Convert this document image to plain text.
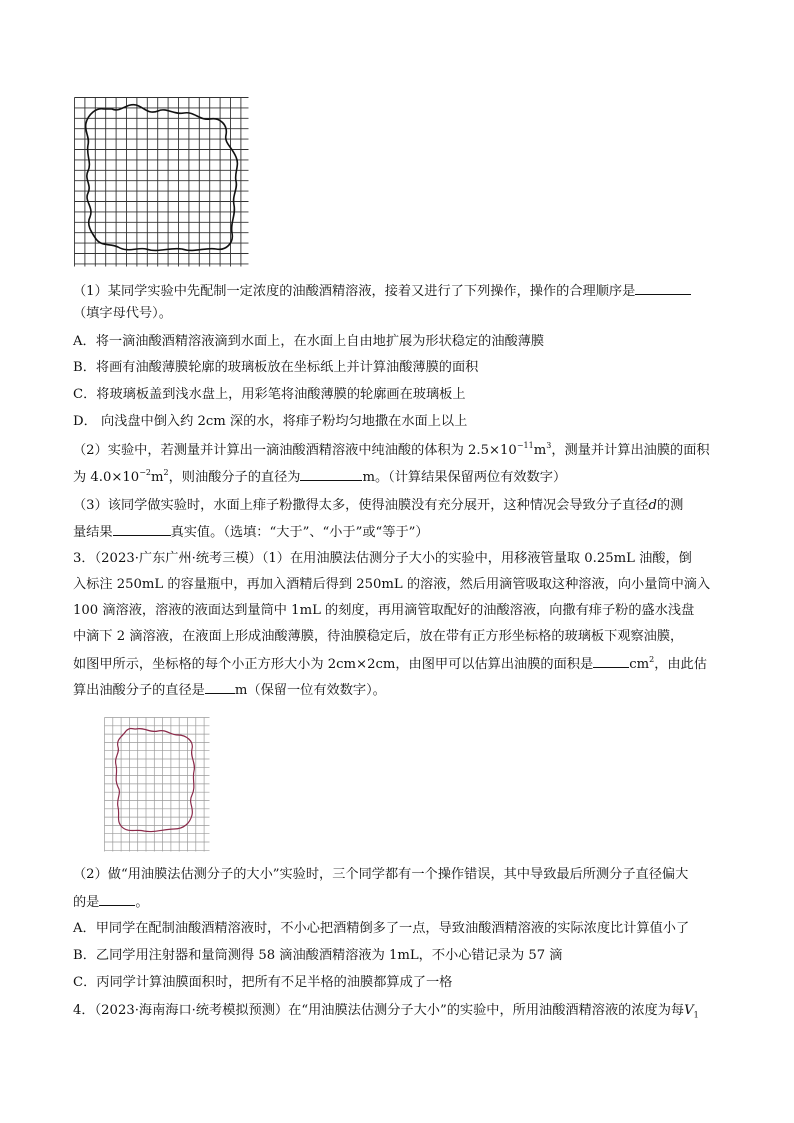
（1）某同学实验中先配制一定浓度的油酸酒精溶液，接着又进行了下列操作，操作的合理顺序是
（填字母代号）。
A．将一滴油酸酒精溶液滴到水面上，在水面上自由地扩展为形状稳定的油酸薄膜
B．将画有油酸薄膜轮廓的玻璃板放在坐标纸上并计算油酸薄膜的面积
C．将玻璃板盖到浅水盘上，用彩笔将油酸薄膜的轮廓画在玻璃板上
D． 向浅盘中倒入约 2cm 深的水，将痱子粉均匀地撒在水面上以上
（2）实验中，若测量并计算出一滴油酸酒精溶液中纯油酸的体积为 $2.5\times 10^{-11}m^3$，测量并计算出油膜的面积
为 $4.0\times 10^{-2}m^2$，则油酸分子的直径为	m。（计算结果保留两位有效数字）
（3）该同学做实验时，水面上痱子粉撒得太多，使得油膜没有充分展开，这种情况会导致分子直径d的测
量结果	真实值。（选填：“大于”、“小于”或“等于”）
3．（2023·广东广州·统考三模）（1）在用油膜法估测分子大小的实验中，用移液管量取 0.25mL 油酸，倒
入标注 250mL 的容量瓶中，再加入酒精后得到 250mL 的溶液，然后用滴管吸取这种溶液，向小量筒中滴入
100 滴溶液，溶液的液面达到量筒中 1mL 的刻度，再用滴管取配好的油酸溶液，向撒有痱子粉的盛水浅盘
中滴下 2 滴溶液，在液面上形成油酸薄膜，待油膜稳定后，放在带有正方形坐标格的玻璃板下观察油膜，
如图甲所示，坐标格的每个小正方形大小为 2cm×2cm，由图甲可以估算出油膜的面积是	$cm^2$，由此估
算出油酸分子的直径是 m（保留一位有效数字）。
（2）做“用油膜法估测分子的大小”实验时，三个同学都有一个操作错误，其中导致最后所测分子直径偏大
的是	。
A．甲同学在配制油酸酒精溶液时，不小心把酒精倒多了一点，导致油酸酒精溶液的实际浓度比计算值小了
B．乙同学用注射器和量筒测得 58 滴油酸酒精溶液为 1mL，不小心错记录为 57 滴
C．丙同学计算油膜面积时，把所有不足半格的油膜都算成了一格
4．（2023·海南海口·统考模拟预测）在“用油膜法估测分子大小”的实验中，所用油酸酒精溶液的浓度为每$V_1$
